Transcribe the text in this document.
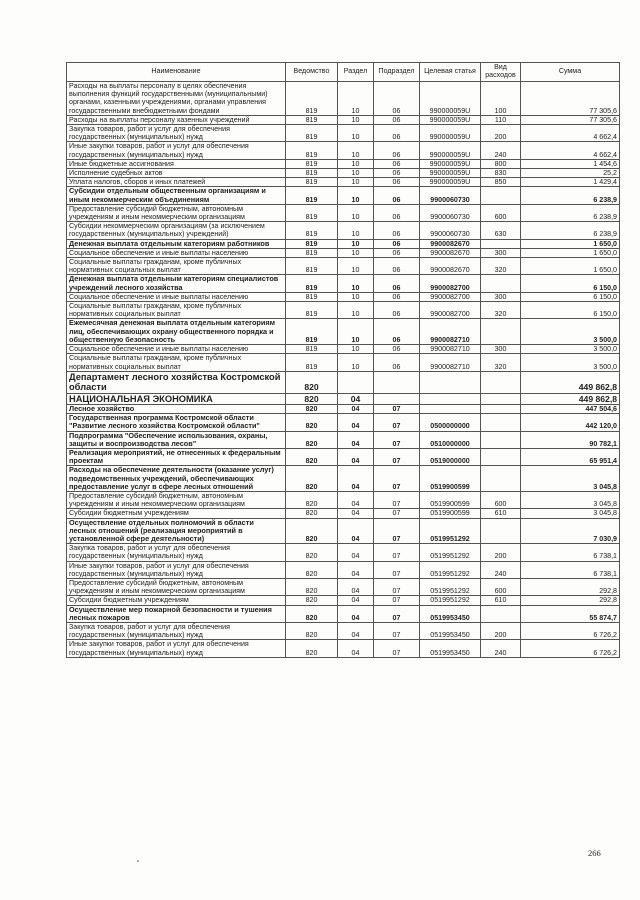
Наименование	Ведомство	Раздел	Подраздел	Целевая статья	Вид расходов	Сумма
Расходы на выплаты персоналу в целях обеспечения выполнения функций государственными (муниципальными) органами, казенными учреждениями, органами управления государственными внебюджетными фондами	819	10	06	990000059U	100	77 305,6
Расходы на выплаты персоналу казенных учреждений	819	10	06	990000059U	110	77 305,6
Закупка товаров, работ и услуг для обеспечения государственных (муниципальных) нужд	819	10	06	990000059U	200	4 662,4
Иные закупки товаров, работ и услуг для обеспечения государственных (муниципальных) нужд	819	10	06	990000059U	240	4 662,4
Иные бюджетные ассигнования	819	10	06	990000059U	800	1 454,6
Исполнение судебных актов	819	10	06	990000059U	830	25,2
Уплата налогов, сборов и иных платежей	819	10	06	990000059U	850	1 429,4
Субсидии отдельным общественным организациям и иным некоммерческим объединениям	819	10	06	9900060730		6 238,9
Предоставление субсидий бюджетным, автономным учреждениям и иным некоммерческим организациям	819	10	06	9900060730	600	6 238,9
Субсидии некоммерческим организациям (за исключением государственных (муниципальных) учреждений)	819	10	06	9900060730	630	6 238,9
Денежная выплата отдельным категориям работников	819	10	06	9900082670		1 650,0
Социальное обеспечение и иные выплаты населению	819	10	06	9900082670	300	1 650,0
Социальные выплаты гражданам, кроме публичных нормативных социальных выплат	819	10	06	9900082670	320	1 650,0
Денежная выплата отдельным категориям специалистов учреждений лесного хозяйства	819	10	06	9900082700		6 150,0
Социальное обеспечение и иные выплаты населению	819	10	06	9900082700	300	6 150,0
Социальные выплаты гражданам, кроме публичных нормативных социальных выплат	819	10	06	9900082700	320	6 150,0
Ежемесячная денежная выплата отдельным категориям лиц, обеспечивающих охрану общественного порядка и общественную безопасность	819	10	06	9900082710		3 500,0
Социальное обеспечение и иные выплаты населению	819	10	06	9900082710	300	3 500,0
Социальные выплаты гражданам, кроме публичных нормативных социальных выплат	819	10	06	9900082710	320	3 500,0
Департамент лесного хозяйства Костромской области	820					449 862,8
НАЦИОНАЛЬНАЯ ЭКОНОМИКА	820	04				449 862,8
Лесное хозяйство	820	04	07			447 504,6
Государственная программа Костромской области "Развитие лесного хозяйства Костромской области"	820	04	07	0500000000		442 120,0
Подпрограмма "Обеспечение использования, охраны, защиты и воспроизводства лесов"	820	04	07	0510000000		90 782,1
Реализация мероприятий, не отнесенных к федеральным проектам	820	04	07	0519000000		65 951,4
Расходы на обеспечение деятельности (оказание услуг) подведомственных учреждений, обеспечивающих предоставление услуг в сфере лесных отношений	820	04	07	0519900599		3 045,8
Предоставление субсидий бюджетным, автономным учреждениям и иным некоммерческим организациям	820	04	07	0519900599	600	3 045,8
Субсидии бюджетным учреждениям	820	04	07	0519900599	610	3 045,8
Осуществление отдельных полномочий в области лесных отношений (реализация мероприятий в установленной сфере деятельности)	820	04	07	0519951292		7 030,9
Закупка товаров, работ и услуг для обеспечения государственных (муниципальных) нужд	820	04	07	0519951292	200	6 738,1
Иные закупки товаров, работ и услуг для обеспечения государственных (муниципальных) нужд	820	04	07	0519951292	240	6 738,1
Предоставление субсидий бюджетным, автономным учреждениям и иным некоммерческим организациям	820	04	07	0519951292	600	292,8
Субсидии бюджетным учреждениям	820	04	07	0519951292	610	292,8
Осуществление мер пожарной безопасности и тушения лесных пожаров	820	04	07	0519953450		55 874,7
Закупка товаров, работ и услуг для обеспечения государственных (муниципальных) нужд	820	04	07	0519953450	200	6 726,2
Иные закупки товаров, работ и услуг для обеспечения государственных (муниципальных) нужд	820	04	07	0519953450	240	6 726,2
266
